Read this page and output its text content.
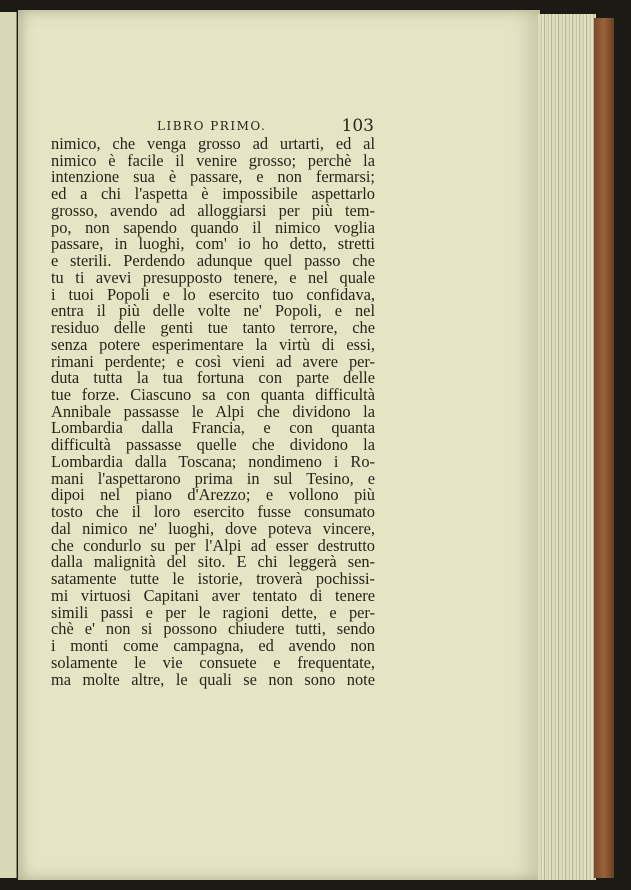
LIBRO PRIMO.	103
nimico, che venga grosso ad urtarti, ed al
nimico è facile il venire grosso; perchè la
intenzione sua è passare, e non fermarsi;
ed a chi l'aspetta è impossibile aspettarlo
grosso, avendo ad alloggiarsi per più tem-
po, non sapendo quando il nimico voglia
passare, in luoghi, com' io ho detto, stretti
e sterili. Perdendo adunque quel passo che
tu ti avevi presupposto tenere, e nel quale
i tuoi Popoli e lo esercito tuo confidava,
entra il più delle volte ne' Popoli, e nel
residuo delle genti tue tanto terrore, che
senza potere esperimentare la virtù di essi,
rimani perdente; e così vieni ad avere per-
duta tutta la tua fortuna con parte delle
tue forze. Ciascuno sa con quanta difficultà
Annibale passasse le Alpi che dividono la
Lombardia dalla Francia, e con quanta
difficultà passasse quelle che dividono la
Lombardia dalla Toscana; nondimeno i Ro-
mani l'aspettarono prima in sul Tesino, e
dipoi nel piano d'Arezzo; e vollono più
tosto che il loro esercito fusse consumato
dal nimico ne' luoghi, dove poteva vincere,
che condurlo su per l'Alpi ad esser destrutto
dalla malignità del sito. E chi leggerà sen-
satamente tutte le istorie, troverà pochissi-
mi virtuosi Capitani aver tentato di tenere
simili passi e per le ragioni dette, e per-
chè e' non si possono chiudere tutti, sendo
i monti come campagna, ed avendo non
solamente le vie consuete e frequentate,
ma molte altre, le quali se non sono note
